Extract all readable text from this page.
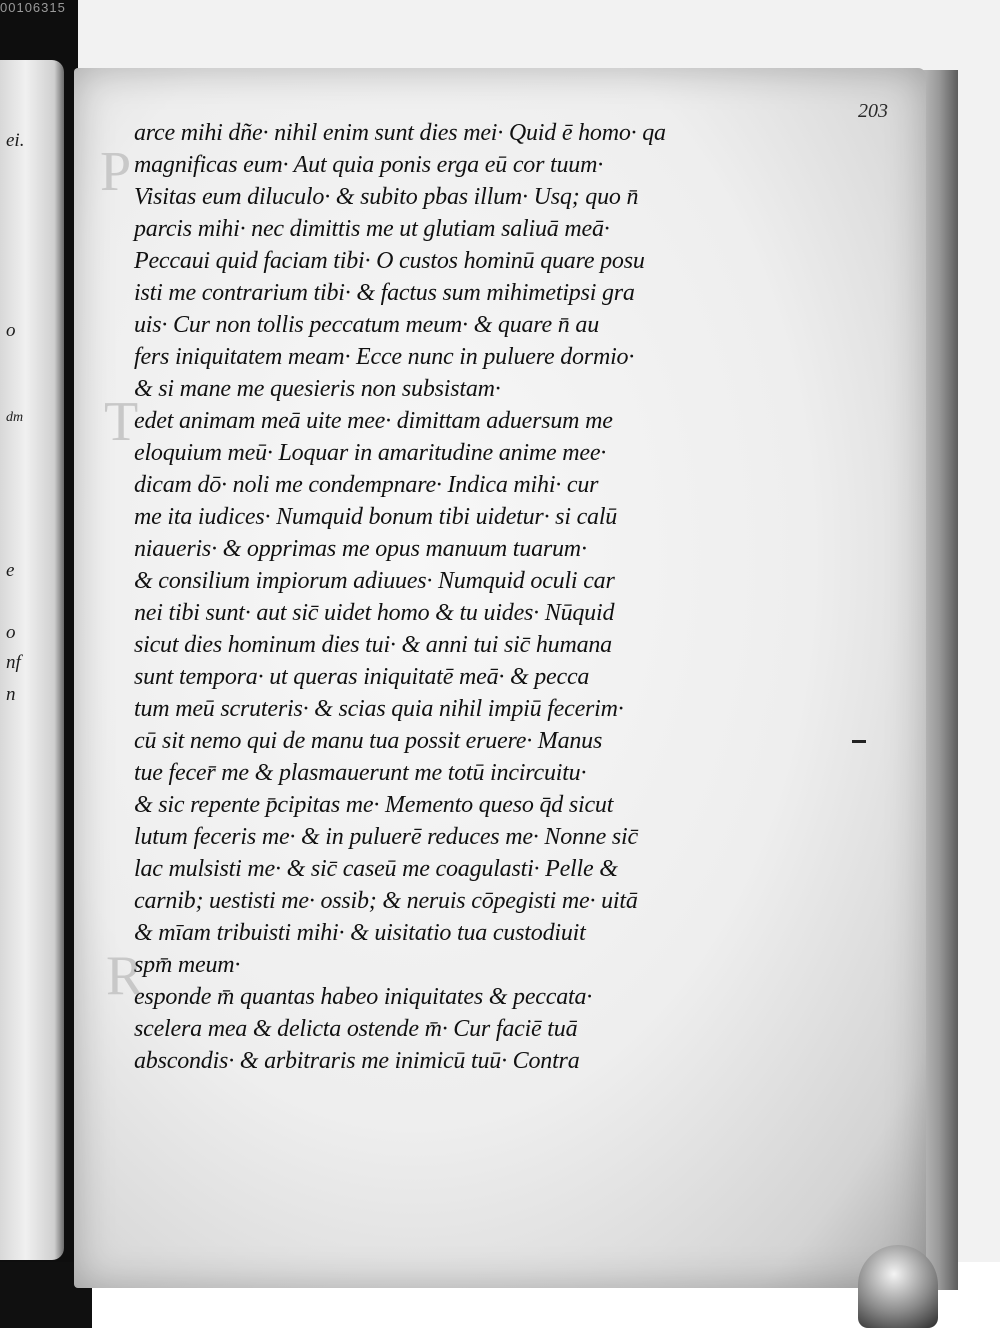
00106315
ei.
o
dm
e
o
nf
n
203
P
T
R
arce mihi dñe· nihil enim sunt dies mei· Quid ē homo· qa
magnificas eum· Aut quia ponis erga eū cor tuum·
Visitas eum diluculo· & subito pbas illum· Usq; quo n̄
parcis mihi· nec dimittis me ut glutiam saliuā meā·
Peccaui quid faciam tibi· O custos hominū quare posu
isti me contrarium tibi· & factus sum mihimetipsi gra
uis· Cur non tollis peccatum meum· & quare n̄ au
fers iniquitatem meam· Ecce nunc in puluere dormio·
& si mane me quesieris non subsistam·
edet animam meā uite mee· dimittam aduersum me
eloquium meū· Loquar in amaritudine anime mee·
dicam dō· noli me condempnare· Indica mihi· cur
me ita iudices· Numquid bonum tibi uidetur· si calū
niaueris· & opprimas me opus manuum tuarum·
& consilium impiorum adiuues· Numquid oculi car
nei tibi sunt· aut sic̄ uidet homo & tu uides· Nūquid
sicut dies hominum dies tui· & anni tui sic̄ humana
sunt tempora· ut queras iniquitatē meā· & pecca
tum meū scruteris· & scias quia nihil impiū fecerim·
cū sit nemo qui de manu tua possit eruere· Manus
tue fecer̄ me & plasmauerunt me totū incircuitu·
& sic repente p̄cipitas me· Memento queso q̄d sicut
lutum feceris me· & in puluerē reduces me· Nonne sic̄
lac mulsisti me· & sic̄ caseū me coagulasti· Pelle &
carnib; uestisti me· ossib; & neruis cōpegisti me· uitā
& mīam tribuisti mihi· & uisitatio tua custodiuit
spm̄ meum·
esponde m̄ quantas habeo iniquitates & peccata·
scelera mea & delicta ostende m̄· Cur faciē tuā
abscondis· & arbitraris me inimicū tuū· Contra
